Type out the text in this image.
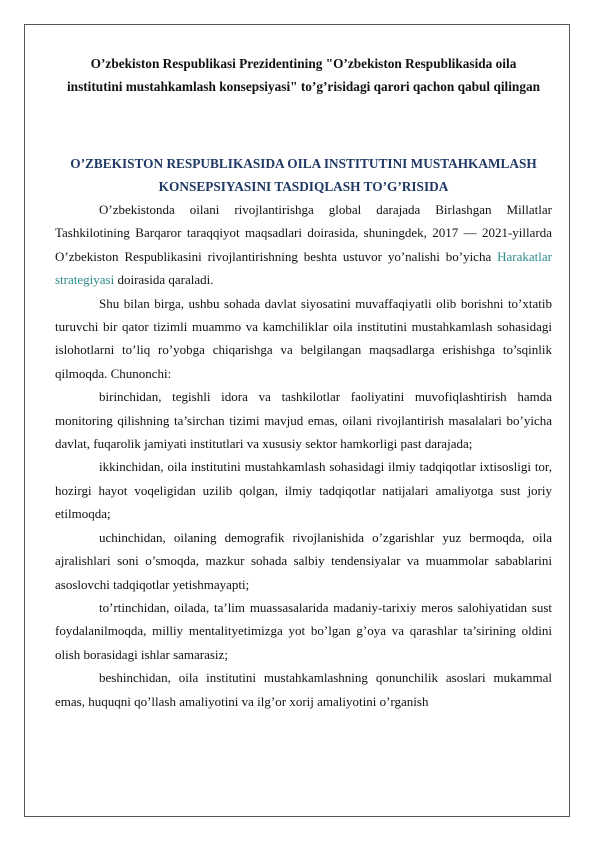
O’zbekiston Respublikasi Prezidentining "O’zbekiston Respublikasida oila institutini mustahkamlash konsepsiyasi" to’g’risidagi qarori qachon qabul qilingan

O’ZBEKISTON RESPUBLIKASIDA OILA INSTITUTINI MUSTAHKAMLASH KONSEPSIYASINI TASDIQLASH TO’G’RISIDA

O’zbekistonda oilani rivojlantirishga global darajada Birlashgan Millatlar Tashkilotining Barqaror taraqqiyot maqsadlari doirasida, shuningdek, 2017 — 2021-yillarda O’zbekiston Respublikasini rivojlantirishning beshta ustuvor yo’nalishi bo’yicha Harakatlar strategiyasi doirasida qaraladi.

Shu bilan birga, ushbu sohada davlat siyosatini muvaffaqiyatli olib borishni to’xtatib turuvchi bir qator tizimli muammo va kamchiliklar oila institutini mustahkamlash sohasidagi islohotlarni to’liq ro’yobga chiqarishga va belgilangan maqsadlarga erishishga to’sqinlik qilmoqda. Chunonchi:

birinchidan, tegishli idora va tashkilotlar faoliyatini muvofiqlashtirish hamda monitoring qilishning ta’sirchan tizimi mavjud emas, oilani rivojlantirish masalalari bo’yicha davlat, fuqarolik jamiyati institutlari va xususiy sektor hamkorligi past darajada;

ikkinchidan, oila institutini mustahkamlash sohasidagi ilmiy tadqiqotlar ixtisosligi tor, hozirgi hayot voqeligidan uzilib qolgan, ilmiy tadqiqotlar natijalari amaliyotga sust joriy etilmoqda;

uchinchidan, oilaning demografik rivojlanishida o’zgarishlar yuz bermoqda, oila ajralishlari soni o’smoqda, mazkur sohada salbiy tendensiyalar va muammolar sabablarini asoslovchi tadqiqotlar yetishmayapti;

to’rtinchidan, oilada, ta’lim muassasalarida madaniy-tarixiy meros salohiyatidan sust foydalanilmoqda, milliy mentalityetimizga yot bo’lgan g’oya va qarashlar ta’sirining oldini olish borasidagi ishlar samarasiz;

beshinchidan, oila institutini mustahkamlashning qonunchilik asoslari mukammal emas, huquqni qo’llash amaliyotini va ilg’or xorij amaliyotini o’rganish
